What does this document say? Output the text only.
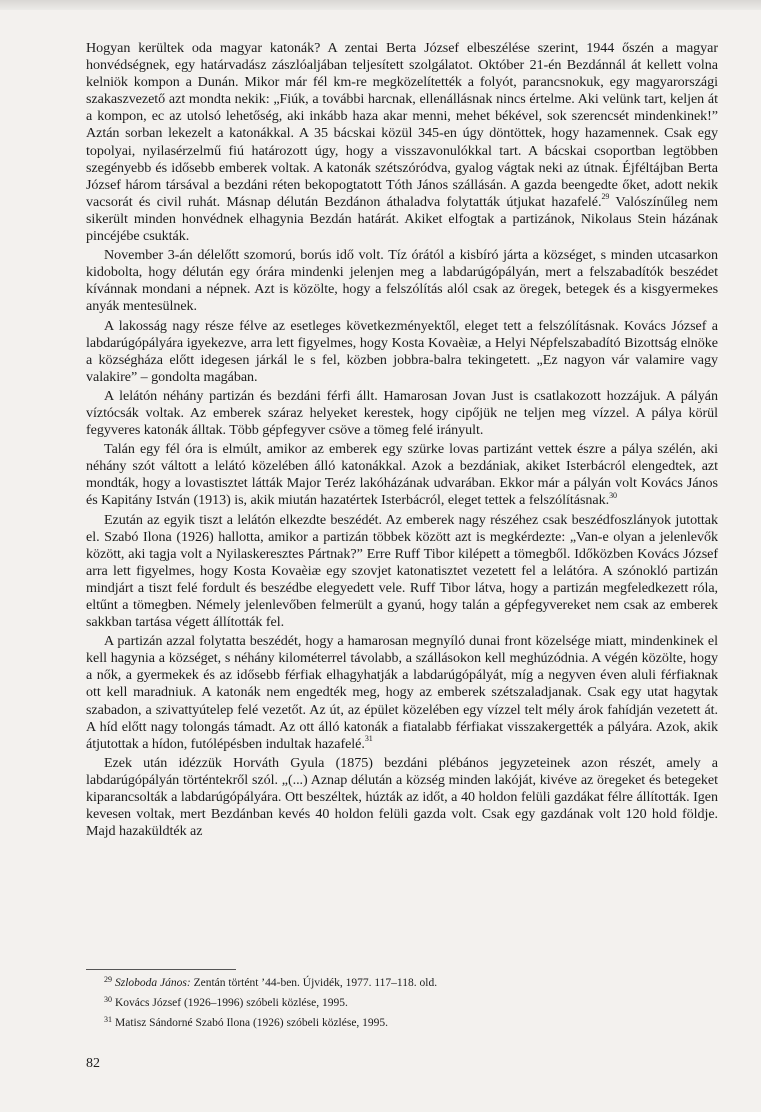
Hogyan kerültek oda magyar katonák? A zentai Berta József elbeszélése szerint, 1944 őszén a magyar honvédségnek, egy határvadász zászlóaljában teljesített szolgálatot. Október 21-én Bezdánnál át kellett volna kelniök kompon a Dunán. Mikor már fél km-re megközelítették a folyót, parancsnokuk, egy magyarországi szakaszvezető azt mondta nekik: „Fiúk, a további harcnak, ellenállásnak nincs értelme. Aki velünk tart, keljen át a kompon, ec az utolsó lehetőség, aki inkább haza akar menni, mehet békével, sok szerencsét mindenkinek!” Aztán sorban lekezelt a katonákkal. A 35 bácskai közül 345-en úgy döntöttek, hogy hazamennek. Csak egy topolyai, nyilasérzelmű fiú határozott úgy, hogy a visszavonulókkal tart. A bácskai csoportban legtöbben szegényebb és idősebb emberek voltak. A katonák szétszóródva, gyalog vágtak neki az útnak. Éjféltájban Berta József három társával a bezdáni réten bekopogtatott Tóth János szállásán. A gazda beengedte őket, adott nekik vacsorát és civil ruhát. Másnap délután Bezdánon áthaladva folytatták útjukat hazafelé.$^{29}$ Valószínűleg nem sikerült minden honvédnek elhagynia Bezdán határát. Akiket elfogtak a partizánok, Nikolaus Stein házának pincéjébe csukták.

November 3-án délelőtt szomorú, borús idő volt. Tíz órától a kisbíró járta a községet, s minden utcasarkon kidobolta, hogy délután egy órára mindenki jelenjen meg a labdarúgópályán, mert a felszabadítók beszédet kívánnak mondani a népnek. Azt is közölte, hogy a felszólítás alól csak az öregek, betegek és a kisgyermekes anyák mentesülnek.

A lakosság nagy része félve az esetleges következményektől, eleget tett a felszólításnak. Kovács József a labdarúgópályára igyekezve, arra lett figyelmes, hogy Kosta Kovaèiæ, a Helyi Népfelszabadító Bizottság elnöke a községháza előtt idegesen járkál le s fel, közben jobbra-balra tekingetett. „Ez nagyon vár valamire vagy valakire” – gondolta magában.

A lelátón néhány partizán és bezdáni férfi állt. Hamarosan Jovan Just is csatlakozott hozzájuk. A pályán víztócsák voltak. Az emberek száraz helyeket kerestek, hogy cipőjük ne teljen meg vízzel. A pálya körül fegyveres katonák álltak. Több gépfegyver csöve a tömeg felé irányult.

Talán egy fél óra is elmúlt, amikor az emberek egy szürke lovas partizánt vettek észre a pálya szélén, aki néhány szót váltott a lelátó közelében álló katonákkal. Azok a bezdániak, akiket Isterbácról elengedtek, azt mondták, hogy a lovastisztet látták Major Teréz lakóházának udvarában. Ekkor már a pályán volt Kovács János és Kapitány István (1913) is, akik miután hazatértek Isterbácról, eleget tettek a felszólításnak.$^{30}$

Ezután az egyik tiszt a lelátón elkezdte beszédét. Az emberek nagy részéhez csak beszédfoszlányok jutottak el. Szabó Ilona (1926) hallotta, amikor a partizán többek között azt is megkérdezte: „Van-e olyan a jelenlevők között, aki tagja volt a Nyilaskeresztes Pártnak?” Erre Ruff Tibor kilépett a tömegből. Időközben Kovács József arra lett figyelmes, hogy Kosta Kovaèiæ egy szovjet katonatisztet vezetett fel a lelátóra. A szónokló partizán mindjárt a tiszt felé fordult és beszédbe elegyedett vele. Ruff Tibor látva, hogy a partizán megfeledkezett róla, eltűnt a tömegben. Némely jelenlevőben felmerült a gyanú, hogy talán a gépfegyvereket nem csak az emberek sakkban tartása végett állították fel.

A partizán azzal folytatta beszédét, hogy a hamarosan megnyíló dunai front közelsége miatt, mindenkinek el kell hagynia a községet, s néhány kilométerrel távolabb, a szállásokon kell meghúzódnia. A végén közölte, hogy a nők, a gyermekek és az idősebb férfiak elhagyhatják a labdarúgópályát, míg a negyven éven aluli férfiaknak ott kell maradniuk. A katonák nem engedték meg, hogy az emberek szétszaladjanak. Csak egy utat hagytak szabadon, a szivattyútelep felé vezetőt. Az út, az épület közelében egy vízzel telt mély árok fahídján vezetett át. A híd előtt nagy tolongás támadt. Az ott álló katonák a fiatalabb férfiakat visszakergették a pályára. Azok, akik átjutottak a hídon, futólépésben indultak hazafelé.$^{31}$

Ezek után idézzük Horváth Gyula (1875) bezdáni plébános jegyzeteinek azon részét, amely a labdarúgópályán történtekről szól. „(...) Aznap délután a község minden lakóját, kivéve az öregeket és betegeket kiparancsolták a labdarúgópályára. Ott beszéltek, húzták az időt, a 40 holdon felüli gazdákat félre állították. Igen kevesen voltak, mert Bezdánban kevés 40 holdon felüli gazda volt. Csak egy gazdának volt 120 hold földje. Majd hazaküldték az

$^{29}$ Szloboda János: Zentán történt ’44-ben. Újvidék, 1977. 117–118. old.

$^{30}$ Kovács József (1926–1996) szóbeli közlése, 1995.

$^{31}$ Matisz Sándorné Szabó Ilona (1926) szóbeli közlése, 1995.

82
